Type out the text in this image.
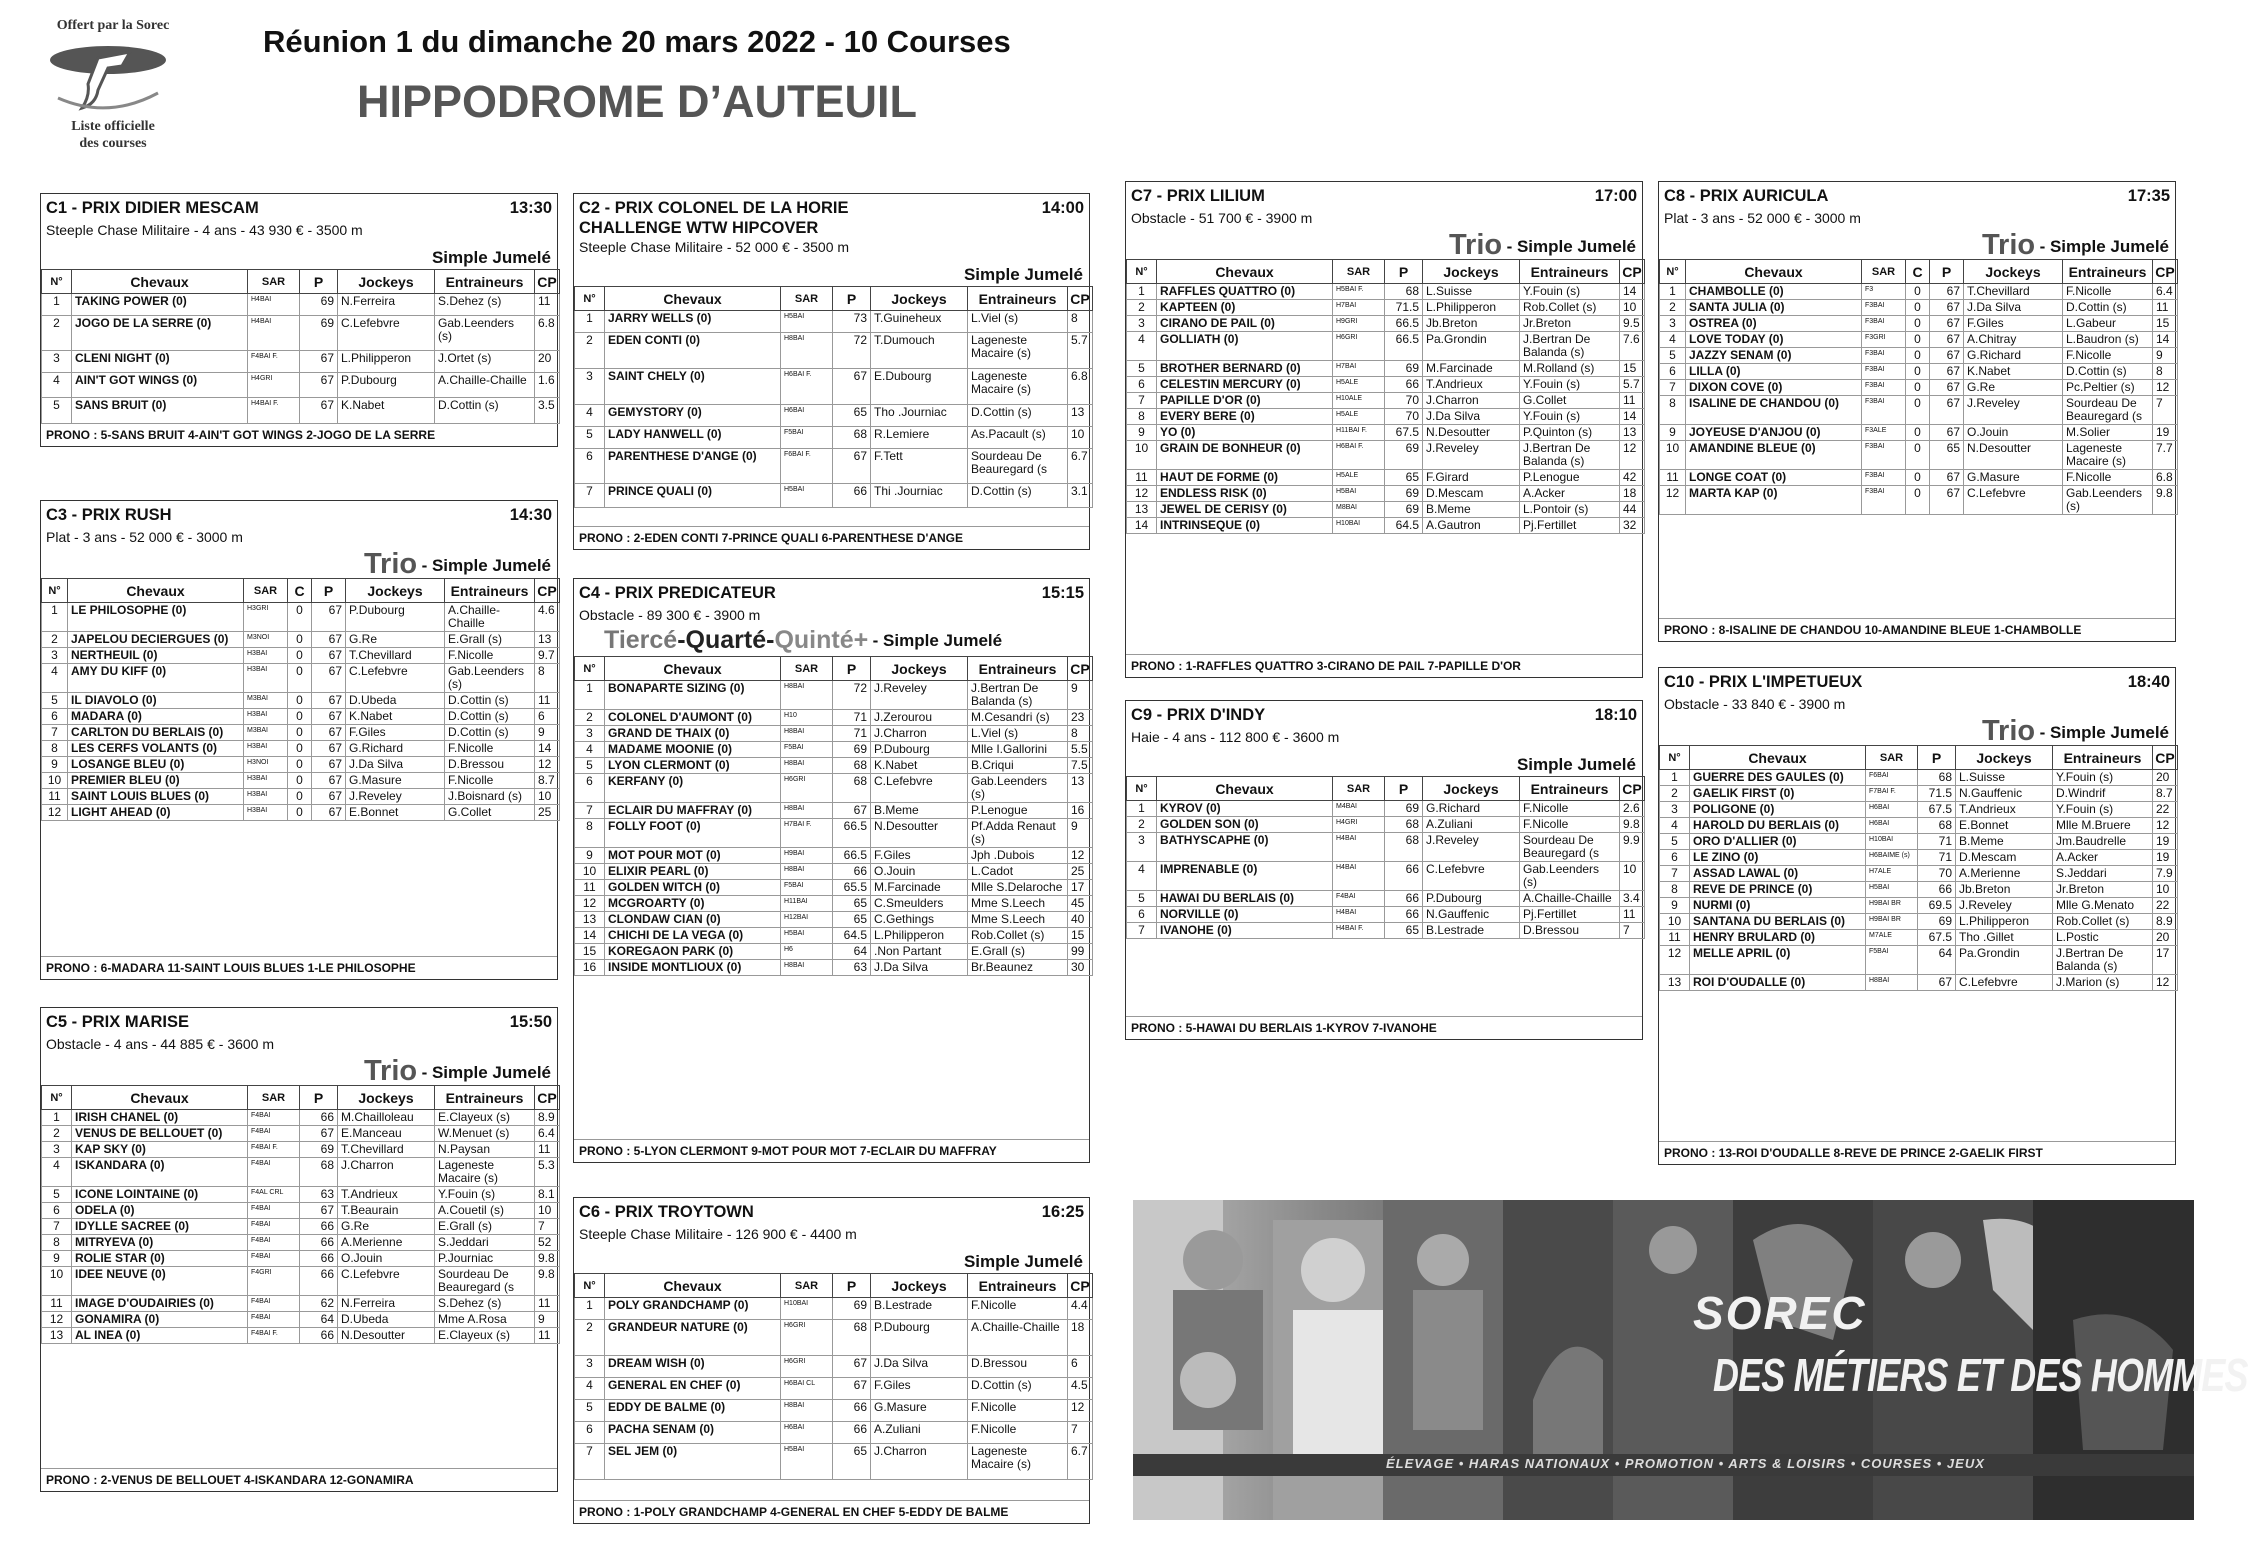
Offert par la Sorec
Liste officielle
des courses
Réunion 1 du dimanche 20 mars 2022 - 10 Courses
HIPPODROME D’AUTEUIL
C1 - PRIX DIDIER MESCAM	13:30
Steeple Chase Militaire - 4 ans - 43 930 € - 3500 m
Simple Jumelé
N°	Chevaux	SAR	P	Jockeys	Entraineurs	CP
1	TAKING POWER (0)	H4BAI	69	N.Ferreira	S.Dehez (s)	11
2	JOGO DE LA SERRE (0)	H4BAI	69	C.Lefebvre	Gab.Leenders (s)	6.8
3	CLENI NIGHT (0)	F4BAI F.	67	L.Philipperon	J.Ortet (s)	20
4	AIN'T GOT WINGS (0)	H4GRI	67	P.Dubourg	A.Chaille-Chaille	1.6
5	SANS BRUIT (0)	H4BAI F.	67	K.Nabet	D.Cottin (s)	3.5
PRONO : 5-SANS BRUIT 4-AIN'T GOT WINGS 2-JOGO DE LA SERRE
C3 - PRIX RUSH	14:30
Plat - 3 ans - 52 000 € - 3000 m
Trio - Simple Jumelé
N°	Chevaux	SAR	C	P	Jockeys	Entraineurs	CP
1	LE PHILOSOPHE (0)	H3GRI	0	67	P.Dubourg	A.Chaille-Chaille	4.6
2	JAPELOU DECIERGUES (0)	M3NOI	0	67	G.Re	E.Grall (s)	13
3	NERTHEUIL (0)	H3BAI	0	67	T.Chevillard	F.Nicolle	9.7
4	AMY DU KIFF (0)	H3BAI	0	67	C.Lefebvre	Gab.Leenders (s)	8
5	IL DIAVOLO (0)	M3BAI	0	67	D.Ubeda	D.Cottin (s)	11
6	MADARA (0)	H3BAI	0	67	K.Nabet	D.Cottin (s)	6
7	CARLTON DU BERLAIS (0)	M3BAI	0	67	F.Giles	D.Cottin (s)	9
8	LES CERFS VOLANTS (0)	H3BAI	0	67	G.Richard	F.Nicolle	14
9	LOSANGE BLEU (0)	H3NOI	0	67	J.Da Silva	D.Bressou	12
10	PREMIER BLEU (0)	H3BAI	0	67	G.Masure	F.Nicolle	8.7
11	SAINT LOUIS BLUES (0)	H3BAI	0	67	J.Reveley	J.Boisnard (s)	10
12	LIGHT AHEAD (0)	H3BAI	0	67	E.Bonnet	G.Collet	25
PRONO : 6-MADARA 11-SAINT LOUIS BLUES 1-LE PHILOSOPHE
C5 - PRIX MARISE	15:50
Obstacle - 4 ans - 44 885 € - 3600 m
Trio - Simple Jumelé
N°	Chevaux	SAR	P	Jockeys	Entraineurs	CP
1	IRISH CHANEL (0)	F4BAI	66	M.Chailloleau	E.Clayeux (s)	8.9
2	VENUS DE BELLOUET (0)	F4BAI	67	E.Manceau	W.Menuet (s)	6.4
3	KAP SKY (0)	F4BAI F.	69	T.Chevillard	N.Paysan	11
4	ISKANDARA (0)	F4BAI	68	J.Charron	Lageneste Macaire (s)	5.3
5	ICONE LOINTAINE (0)	F4AL CRL	63	T.Andrieux	Y.Fouin (s)	8.1
6	ODELA (0)	F4BAI	67	T.Beaurain	A.Couetil (s)	10
7	IDYLLE SACREE (0)	F4BAI	66	G.Re	E.Grall (s)	7
8	MITRYEVA (0)	F4BAI	66	A.Merienne	S.Jeddari	52
9	ROLIE STAR (0)	F4BAI	66	O.Jouin	P.Journiac	9.8
10	IDEE NEUVE (0)	F4GRI	66	C.Lefebvre	Sourdeau De Beauregard (s	9.8
11	IMAGE D'OUDAIRIES (0)	F4BAI	62	N.Ferreira	S.Dehez (s)	11
12	GONAMIRA (0)	F4BAI	64	D.Ubeda	Mme A.Rosa	9
13	AL INEA (0)	F4BAI F.	66	N.Desoutter	E.Clayeux (s)	11
PRONO : 2-VENUS DE BELLOUET 4-ISKANDARA 12-GONAMIRA
C2 - PRIX COLONEL DE LA HORIE
CHALLENGE WTW HIPCOVER
14:00
Steeple Chase Militaire - 52 000 € - 3500 m
Simple Jumelé
N°	Chevaux	SAR	P	Jockeys	Entraineurs	CP
1	JARRY WELLS (0)	H5BAI	73	T.Guineheux	L.Viel (s)	8
2	EDEN CONTI (0)	H8BAI	72	T.Dumouch	Lageneste Macaire (s)	5.7
3	SAINT CHELY (0)	H6BAI F.	67	E.Dubourg	Lageneste Macaire (s)	6.8
4	GEMYSTORY (0)	H6BAI	65	Tho .Journiac	D.Cottin (s)	13
5	LADY HANWELL (0)	F5BAI	68	R.Lemiere	As.Pacault (s)	10
6	PARENTHESE D'ANGE (0)	F6BAI F.	67	F.Tett	Sourdeau De Beauregard (s	6.7
7	PRINCE QUALI (0)	H5BAI	66	Thi .Journiac	D.Cottin (s)	3.1
PRONO : 2-EDEN CONTI 7-PRINCE QUALI 6-PARENTHESE D'ANGE
C4 - PRIX PREDICATEUR	15:15
Obstacle - 89 300 € - 3900 m
Tiercé-Quarté-Quinté+ - Simple Jumelé
N°	Chevaux	SAR	P	Jockeys	Entraineurs	CP
1	BONAPARTE SIZING (0)	H8BAI	72	J.Reveley	J.Bertran De Balanda (s)	9
2	COLONEL D'AUMONT (0)	H10	71	J.Zerourou	M.Cesandri (s)	23
3	GRAND DE THAIX (0)	H8BAI	71	J.Charron	L.Viel (s)	8
4	MADAME MOONIE (0)	F5BAI	69	P.Dubourg	Mlle I.Gallorini	5.5
5	LYON CLERMONT (0)	H8BAI	68	K.Nabet	B.Criqui	7.5
6	KERFANY (0)	H6GRI	68	C.Lefebvre	Gab.Leenders (s)	13
7	ECLAIR DU MAFFRAY (0)	H8BAI	67	B.Meme	P.Lenogue	16
8	FOLLY FOOT (0)	H7BAI F.	66.5	N.Desoutter	Pf.Adda Renaut (s)	9
9	MOT POUR MOT (0)	H9BAI	66.5	F.Giles	Jph .Dubois	12
10	ELIXIR PEARL (0)	H8BAI	66	O.Jouin	L.Cadot	25
11	GOLDEN WITCH (0)	F5BAI	65.5	M.Farcinade	Mlle S.Delaroche	17
12	MCGROARTY (0)	H11BAI	65	C.Smeulders	Mme S.Leech	45
13	CLONDAW CIAN (0)	H12BAI	65	C.Gethings	Mme S.Leech	40
14	CHICHI DE LA VEGA (0)	H5BAI	64.5	L.Philipperon	Rob.Collet (s)	15
15	KOREGAON PARK (0)	H6	64	.Non Partant	E.Grall (s)	99
16	INSIDE MONTLIOUX (0)	H8BAI	63	J.Da Silva	Br.Beaunez	30
PRONO : 5-LYON CLERMONT 9-MOT POUR MOT 7-ECLAIR DU MAFFRAY
C6 - PRIX TROYTOWN	16:25
Steeple Chase Militaire - 126 900 € - 4400 m
Simple Jumelé
N°	Chevaux	SAR	P	Jockeys	Entraineurs	CP
1	POLY GRANDCHAMP (0)	H10BAI	69	B.Lestrade	F.Nicolle	4.4
2	GRANDEUR NATURE (0)	H6GRI	68	P.Dubourg	A.Chaille-Chaille	18
3	DREAM WISH (0)	H6GRI	67	J.Da Silva	D.Bressou	6
4	GENERAL EN CHEF (0)	H6BAI CL	67	F.Giles	D.Cottin (s)	4.5
5	EDDY DE BALME (0)	H8BAI	66	G.Masure	F.Nicolle	12
6	PACHA SENAM (0)	H6BAI	66	A.Zuliani	F.Nicolle	7
7	SEL JEM (0)	H5BAI	65	J.Charron	Lageneste Macaire (s)	6.7
PRONO : 1-POLY GRANDCHAMP 4-GENERAL EN CHEF 5-EDDY DE BALME
C7 - PRIX LILIUM	17:00
Obstacle - 51 700 € - 3900 m
Trio - Simple Jumelé
N°	Chevaux	SAR	P	Jockeys	Entraineurs	CP
1	RAFFLES QUATTRO (0)	H5BAI F.	68	L.Suisse	Y.Fouin (s)	14
2	KAPTEEN (0)	H7BAI	71.5	L.Philipperon	Rob.Collet (s)	10
3	CIRANO DE PAIL (0)	H9GRI	66.5	Jb.Breton	Jr.Breton	9.5
4	GOLLIATH (0)	H6GRI	66.5	Pa.Grondin	J.Bertran De Balanda (s)	7.6
5	BROTHER BERNARD (0)	H7BAI	69	M.Farcinade	M.Rolland (s)	15
6	CELESTIN MERCURY (0)	H5ALE	66	T.Andrieux	Y.Fouin (s)	5.7
7	PAPILLE D'OR (0)	H10ALE	70	J.Charron	G.Collet	11
8	EVERY BERE (0)	H5ALE	70	J.Da Silva	Y.Fouin (s)	14
9	YO (0)	H11BAI F.	67.5	N.Desoutter	P.Quinton (s)	13
10	GRAIN DE BONHEUR (0)	H6BAI F.	69	J.Reveley	J.Bertran De Balanda (s)	12
11	HAUT DE FORME (0)	H5ALE	65	F.Girard	P.Lenogue	42
12	ENDLESS RISK (0)	H5BAI	69	D.Mescam	A.Acker	18
13	JEWEL DE CERISY (0)	M8BAI	69	B.Meme	L.Pontoir (s)	44
14	INTRINSEQUE (0)	H10BAI	64.5	A.Gautron	Pj.Fertillet	32
PRONO : 1-RAFFLES QUATTRO 3-CIRANO DE PAIL 7-PAPILLE D'OR
C9 - PRIX D'INDY	18:10
Haie - 4 ans - 112 800 € - 3600 m
Simple Jumelé
N°	Chevaux	SAR	P	Jockeys	Entraineurs	CP
1	KYROV (0)	M4BAI	69	G.Richard	F.Nicolle	2.6
2	GOLDEN SON (0)	H4GRI	68	A.Zuliani	F.Nicolle	9.8
3	BATHYSCAPHE (0)	H4BAI	68	J.Reveley	Sourdeau De Beauregard (s	9.9
4	IMPRENABLE (0)	H4BAI	66	C.Lefebvre	Gab.Leenders (s)	10
5	HAWAI DU BERLAIS (0)	F4BAI	66	P.Dubourg	A.Chaille-Chaille	3.4
6	NORVILLE (0)	H4BAI	66	N.Gauffenic	Pj.Fertillet	11
7	IVANOHE (0)	H4BAI F.	65	B.Lestrade	D.Bressou	7
PRONO : 5-HAWAI DU BERLAIS 1-KYROV 7-IVANOHE
C8 - PRIX AURICULA	17:35
Plat - 3 ans - 52 000 € - 3000 m
Trio - Simple Jumelé
N°	Chevaux	SAR	C	P	Jockeys	Entraineurs	CP
1	CHAMBOLLE (0)	F3	0	67	T.Chevillard	F.Nicolle	6.4
2	SANTA JULIA (0)	F3BAI	0	67	J.Da Silva	D.Cottin (s)	11
3	OSTREA (0)	F3BAI	0	67	F.Giles	L.Gabeur	15
4	LOVE TODAY (0)	F3GRI	0	67	A.Chitray	L.Baudron (s)	14
5	JAZZY SENAM (0)	F3BAI	0	67	G.Richard	F.Nicolle	9
6	LILLA (0)	F3BAI	0	67	K.Nabet	D.Cottin (s)	8
7	DIXON COVE (0)	F3BAI	0	67	G.Re	Pc.Peltier (s)	12
8	ISALINE DE CHANDOU (0)	F3BAI	0	67	J.Reveley	Sourdeau De Beauregard (s	7
9	JOYEUSE D'ANJOU (0)	F3ALE	0	67	O.Jouin	M.Solier	19
10	AMANDINE BLEUE (0)	F3BAI	0	65	N.Desoutter	Lageneste Macaire (s)	7.7
11	LONGE COAT (0)	F3BAI	0	67	G.Masure	F.Nicolle	6.8
12	MARTA KAP (0)	F3BAI	0	67	C.Lefebvre	Gab.Leenders (s)	9.8
PRONO : 8-ISALINE DE CHANDOU 10-AMANDINE BLEUE 1-CHAMBOLLE
C10 - PRIX L'IMPETUEUX	18:40
Obstacle - 33 840 € - 3900 m
Trio - Simple Jumelé
N°	Chevaux	SAR	P	Jockeys	Entraineurs	CP
1	GUERRE DES GAULES (0)	F6BAI	68	L.Suisse	Y.Fouin (s)	20
2	GAELIK FIRST (0)	F7BAI F.	71.5	N.Gauffenic	D.Windrif	8.7
3	POLIGONE (0)	H6BAI	67.5	T.Andrieux	Y.Fouin (s)	22
4	HAROLD DU BERLAIS (0)	H6BAI	68	E.Bonnet	Mlle M.Bruere	12
5	ORO D'ALLIER (0)	H10BAI	71	B.Meme	Jm.Baudrelle	19
6	LE ZINO (0)	H6BAIME (s)	71	D.Mescam	A.Acker	19
7	ASSAD LAWAL (0)	H7ALE	70	A.Merienne	S.Jeddari	7.9
8	REVE DE PRINCE (0)	H5BAI	66	Jb.Breton	Jr.Breton	10
9	NURMI (0)	H9BAI BR	69.5	J.Reveley	Mlle G.Menato	22
10	SANTANA DU BERLAIS (0)	H9BAI BR	69	L.Philipperon	Rob.Collet (s)	8.9
11	HENRY BRULARD (0)	M7ALE	67.5	Tho .Gillet	L.Postic	20
12	MELLE APRIL (0)	F5BAI	64	Pa.Grondin	J.Bertran De Balanda (s)	17
13	ROI D'OUDALLE (0)	H8BAI	67	C.Lefebvre	J.Marion (s)	12
PRONO : 13-ROI D'OUDALLE 8-REVE DE PRINCE 2-GAELIK FIRST
SOREC
DES MÉTIERS ET DES HOMMES
ÉLEVAGE • HARAS NATIONAUX • PROMOTION • ARTS & LOISIRS • COURSES • JEUX
